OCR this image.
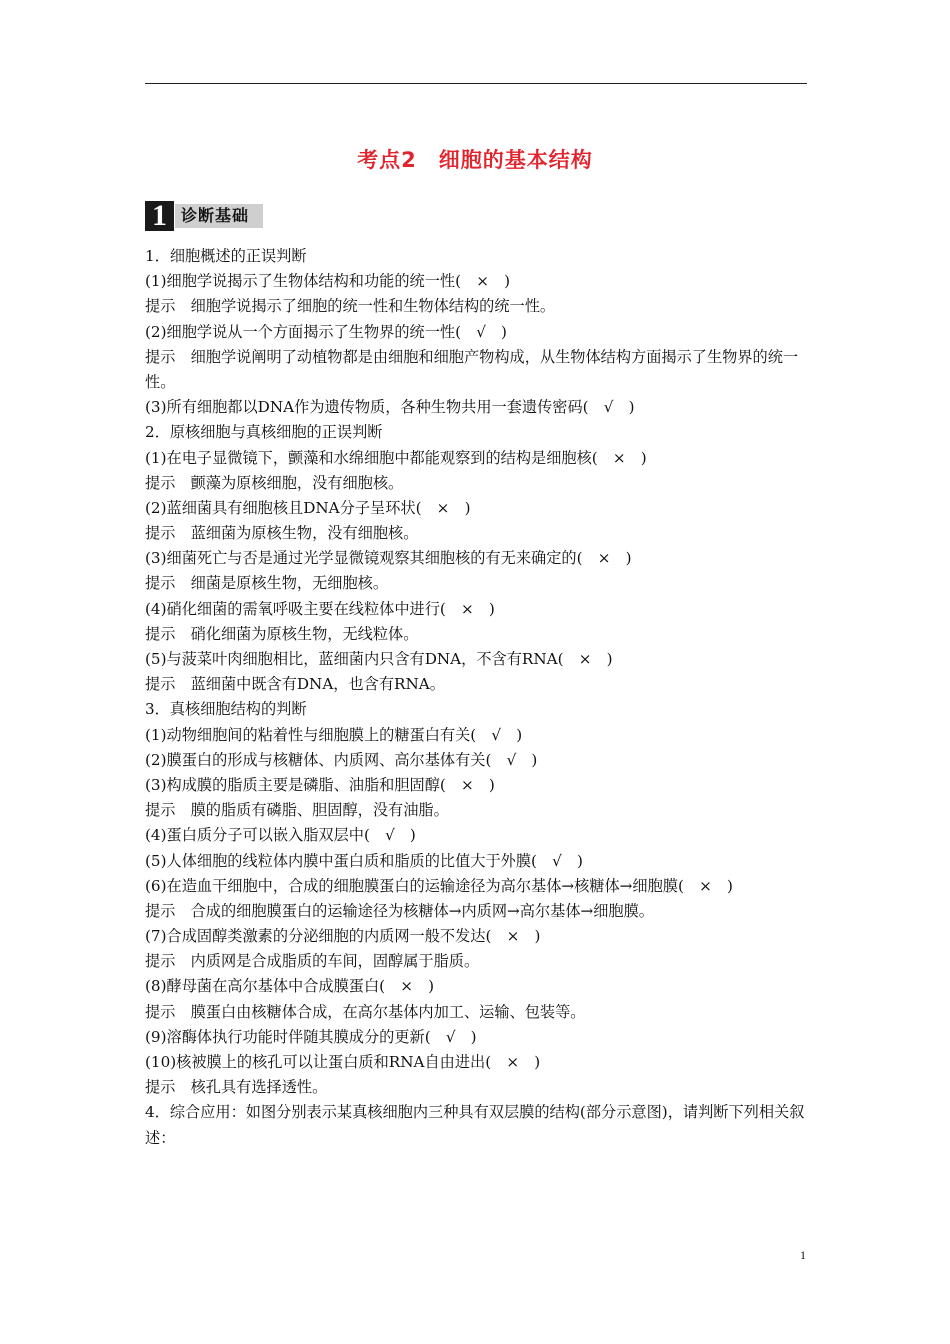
考点2　细胞的基本结构
1 诊断基础
1．细胞概述的正误判断
(1)细胞学说揭示了生物体结构和功能的统一性(　×　)
提示　细胞学说揭示了细胞的统一性和生物体结构的统一性。
(2)细胞学说从一个方面揭示了生物界的统一性(　√　)
提示　细胞学说阐明了动植物都是由细胞和细胞产物构成，从生物体结构方面揭示了生物界的统一性。
(3)所有细胞都以DNA作为遗传物质，各种生物共用一套遗传密码(　√　)
2．原核细胞与真核细胞的正误判断
(1)在电子显微镜下，颤藻和水绵细胞中都能观察到的结构是细胞核(　×　)
提示　颤藻为原核细胞，没有细胞核。
(2)蓝细菌具有细胞核且DNA分子呈环状(　×　)
提示　蓝细菌为原核生物，没有细胞核。
(3)细菌死亡与否是通过光学显微镜观察其细胞核的有无来确定的(　×　)
提示　细菌是原核生物，无细胞核。
(4)硝化细菌的需氧呼吸主要在线粒体中进行(　×　)
提示　硝化细菌为原核生物，无线粒体。
(5)与菠菜叶肉细胞相比，蓝细菌内只含有DNA，不含有RNA(　×　)
提示　蓝细菌中既含有DNA，也含有RNA。
3．真核细胞结构的判断
(1)动物细胞间的粘着性与细胞膜上的糖蛋白有关(　√　)
(2)膜蛋白的形成与核糖体、内质网、高尔基体有关(　√　)
(3)构成膜的脂质主要是磷脂、油脂和胆固醇(　×　)
提示　膜的脂质有磷脂、胆固醇，没有油脂。
(4)蛋白质分子可以嵌入脂双层中(　√　)
(5)人体细胞的线粒体内膜中蛋白质和脂质的比值大于外膜(　√　)
(6)在造血干细胞中，合成的细胞膜蛋白的运输途径为高尔基体→核糖体→细胞膜(　×　)
提示　合成的细胞膜蛋白的运输途径为核糖体→内质网→高尔基体→细胞膜。
(7)合成固醇类激素的分泌细胞的内质网一般不发达(　×　)
提示　内质网是合成脂质的车间，固醇属于脂质。
(8)酵母菌在高尔基体中合成膜蛋白(　×　)
提示　膜蛋白由核糖体合成，在高尔基体内加工、运输、包装等。
(9)溶酶体执行功能时伴随其膜成分的更新(　√　)
(10)核被膜上的核孔可以让蛋白质和RNA自由进出(　×　)
提示　核孔具有选择透性。
4．综合应用：如图分别表示某真核细胞内三种具有双层膜的结构(部分示意图)，请判断下列相关叙述：
1
